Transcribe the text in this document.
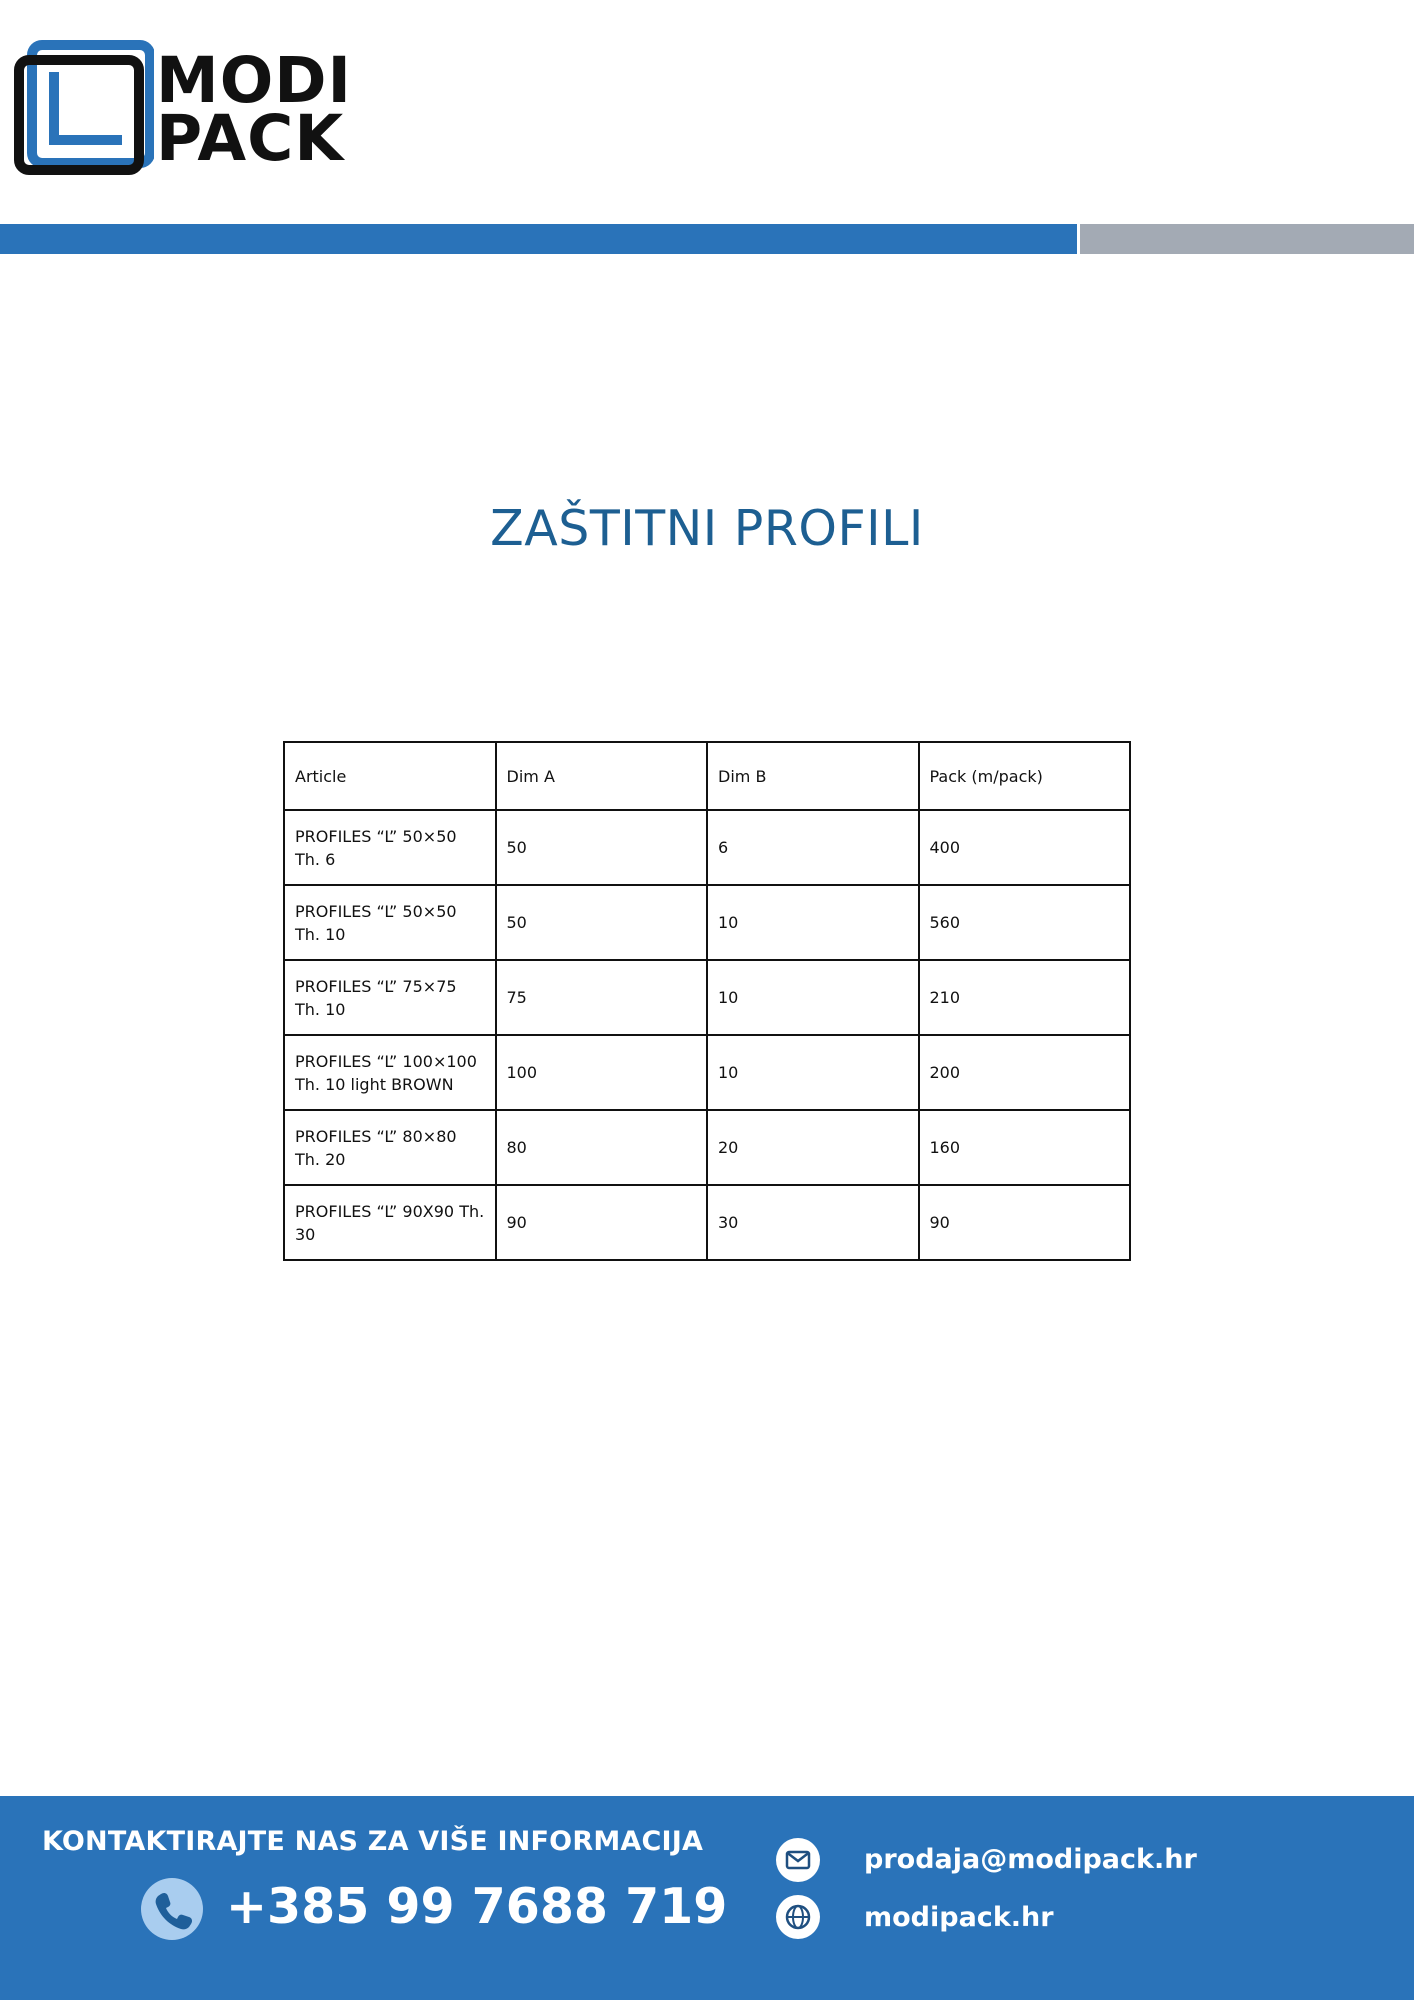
MODI
PACK
ZAŠTITNI PROFILI
Article	Dim A	Dim B	Pack (m/pack)
PROFILES “L” 50×50 Th. 6	50	6	400
PROFILES “L” 50×50 Th. 10	50	10	560
PROFILES “L” 75×75 Th. 10	75	10	210
PROFILES “L” 100×100 Th. 10 light BROWN	100	10	200
PROFILES “L” 80×80 Th. 20	80	20	160
PROFILES “L” 90X90 Th. 30	90	30	90
KONTAKTIRAJTE NAS ZA VIŠE INFORMACIJA
+385 99 7688 719
prodaja@modipack.hr
modipack.hr
